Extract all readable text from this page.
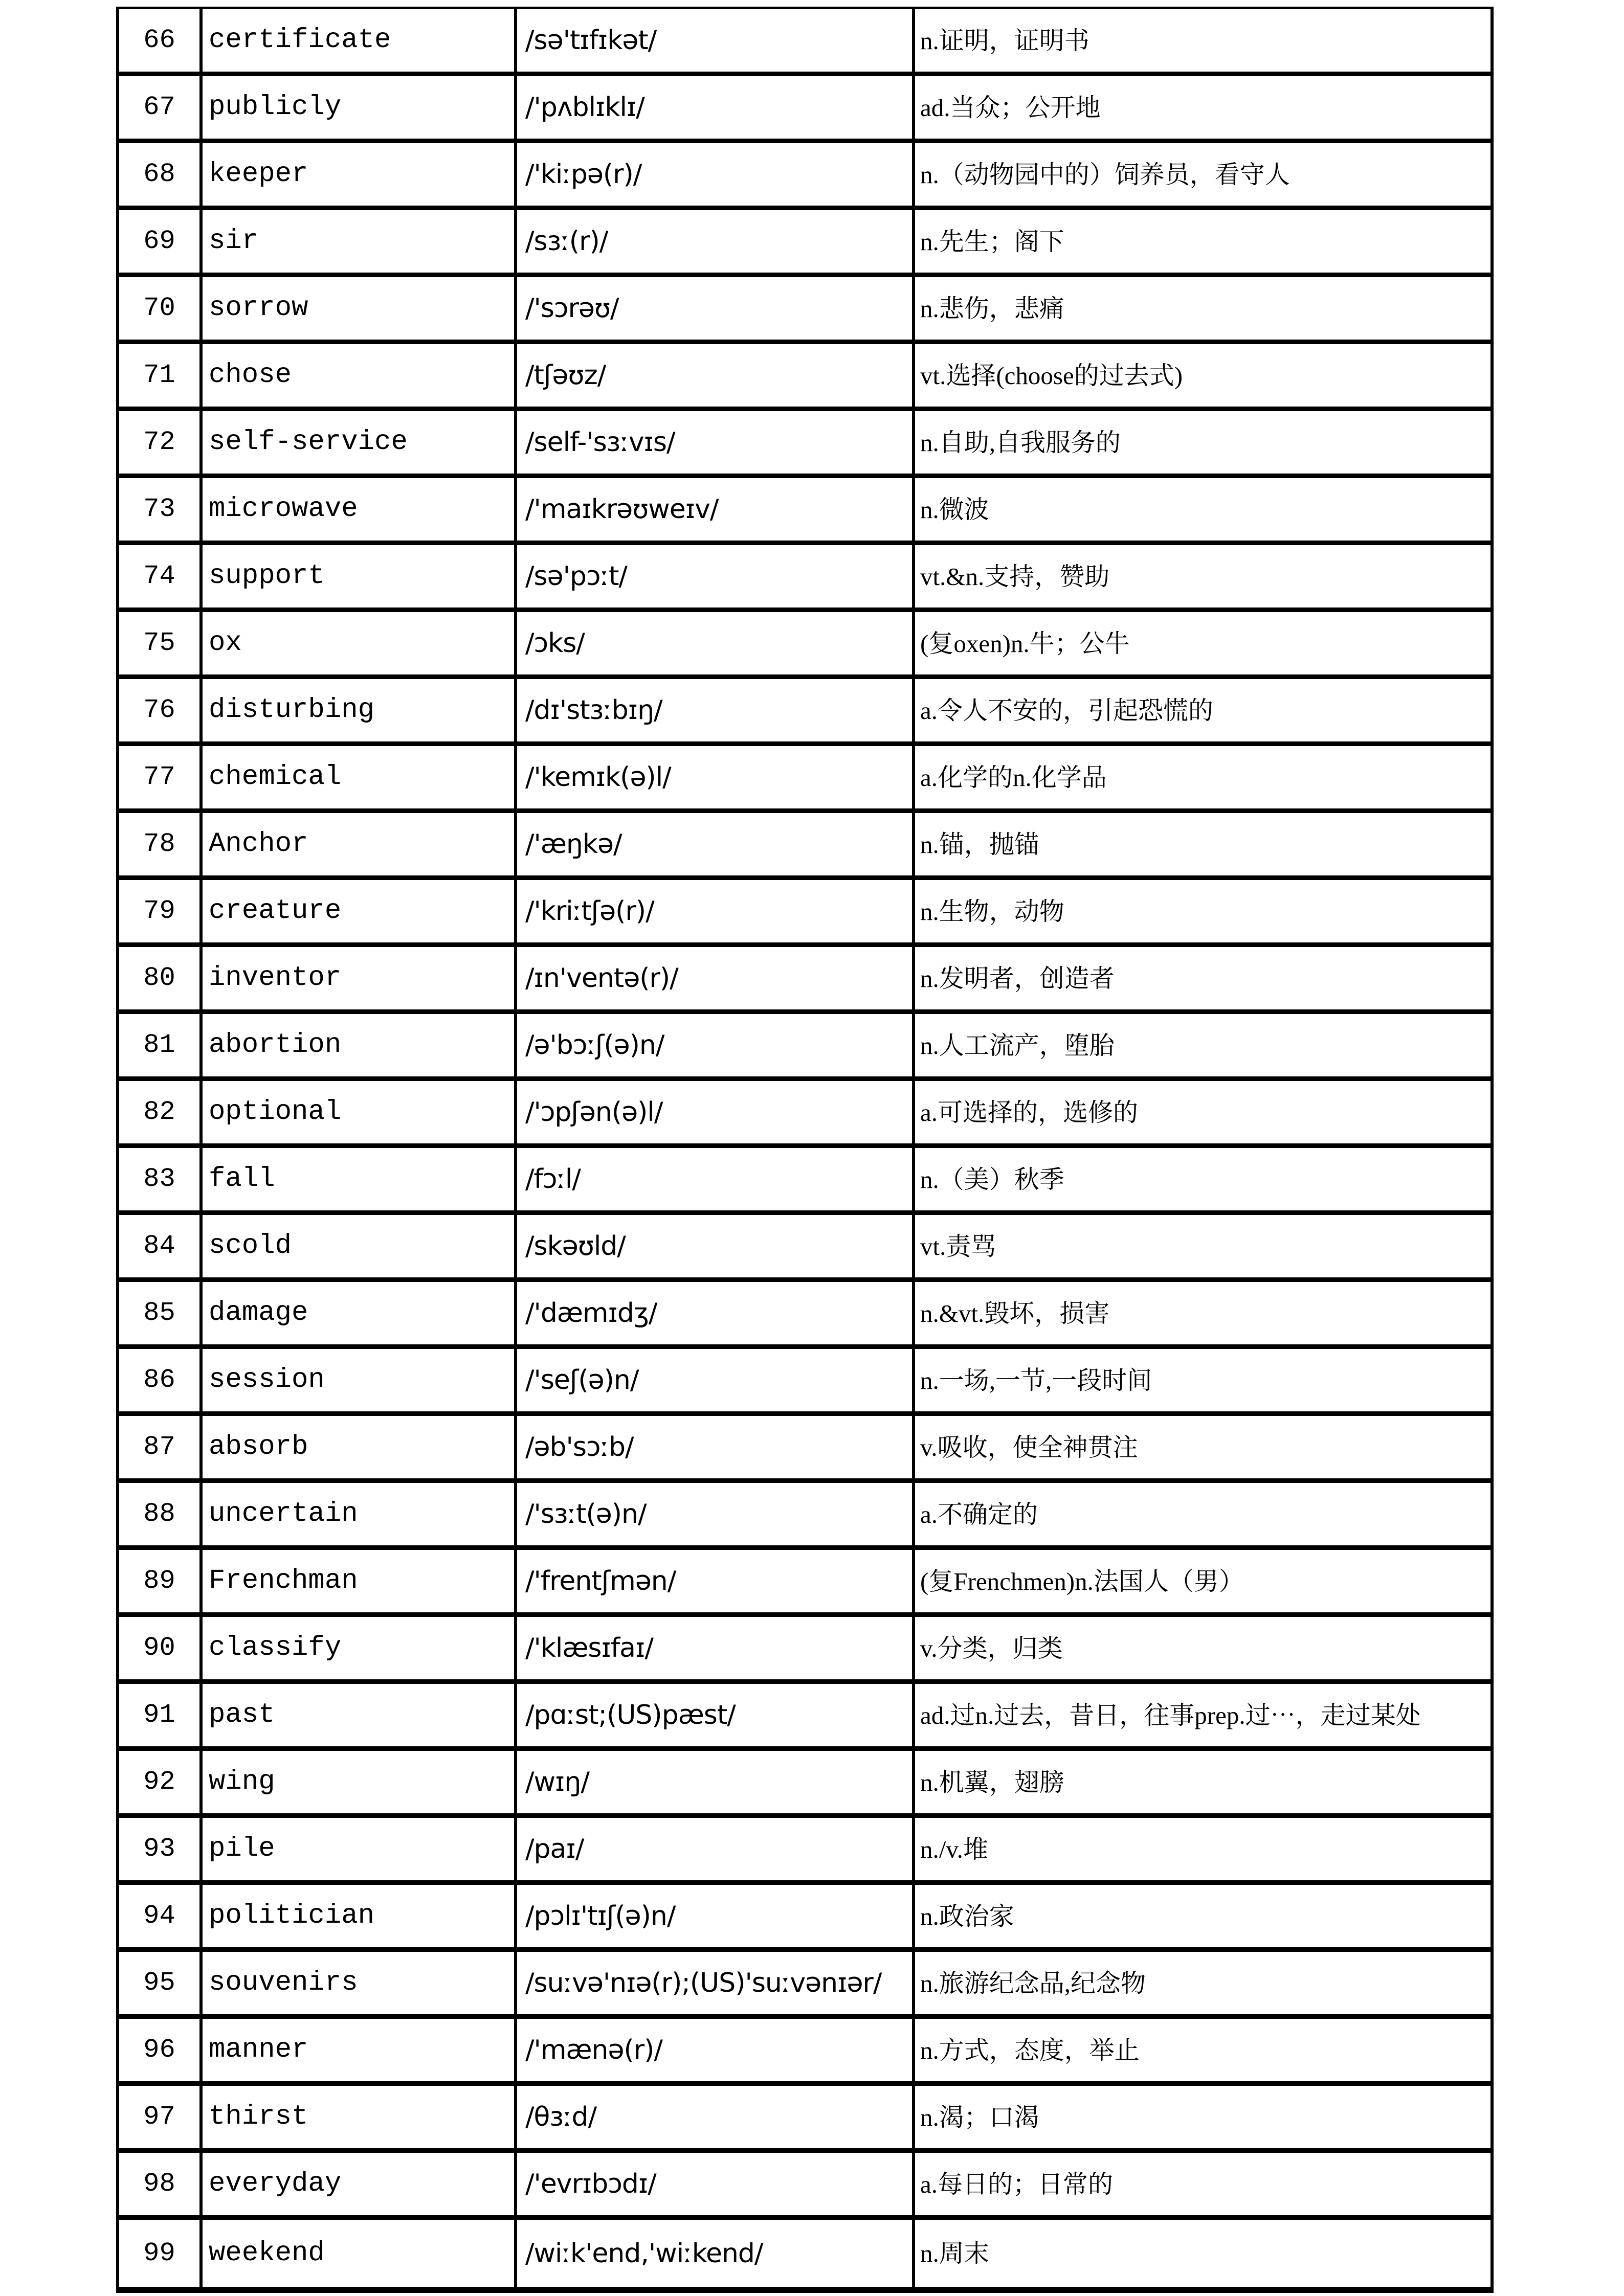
66	certificate	/sə'tɪfɪkət/	n.证明，证明书
67	publicly	/'pʌblɪklɪ/	ad.当众；公开地
68	keeper	/'kiːpə(r)/	n.（动物园中的）饲养员，看守人
69	sir	/sɜː(r)/	n.先生；阁下
70	sorrow	/'sɔrəʊ/	n.悲伤，悲痛
71	chose	/tʃəʊz/	vt.选择(choose的过去式)
72	self-service	/self-'sɜːvɪs/	n.自助,自我服务的
73	microwave	/'maɪkrəʊweɪv/	n.微波
74	support	/sə'pɔːt/	vt.&n.支持，赞助
75	ox	/ɔks/	(复oxen)n.牛；公牛
76	disturbing	/dɪ'stɜːbɪŋ/	a.令人不安的，引起恐慌的
77	chemical	/'kemɪk(ə)l/	a.化学的n.化学品
78	Anchor	/'æŋkə/	n.锚，抛锚
79	creature	/'kriːtʃə(r)/	n.生物，动物
80	inventor	/ɪn'ventə(r)/	n.发明者，创造者
81	abortion	/ə'bɔːʃ(ə)n/	n.人工流产，堕胎
82	optional	/'ɔpʃən(ə)l/	a.可选择的，选修的
83	fall	/fɔːl/	n.（美）秋季
84	scold	/skəʊld/	vt.责骂
85	damage	/'dæmɪdʒ/	n.&vt.毁坏，损害
86	session	/'seʃ(ə)n/	n.一场,一节,一段时间
87	absorb	/əb'sɔːb/	v.吸收，使全神贯注
88	uncertain	/'sɜːt(ə)n/	a.不确定的
89	Frenchman	/'frentʃmən/	(复Frenchmen)n.法国人（男）
90	classify	/'klæsɪfaɪ/	v.分类，归类
91	past	/pɑːst;(US)pæst/	ad.过n.过去，昔日，往事prep.过⋯，走过某处
92	wing	/wɪŋ/	n.机翼，翅膀
93	pile	/paɪ/	n./v.堆
94	politician	/pɔlɪ'tɪʃ(ə)n/	n.政治家
95	souvenirs	/suːvə'nɪə(r);(US)'suːvənɪər/	n.旅游纪念品,纪念物
96	manner	/'mænə(r)/	n.方式，态度，举止
97	thirst	/θɜːd/	n.渴；口渴
98	everyday	/'evrɪbɔdɪ/	a.每日的；日常的
99	weekend	/wiːk'end,'wiːkend/	n.周末
